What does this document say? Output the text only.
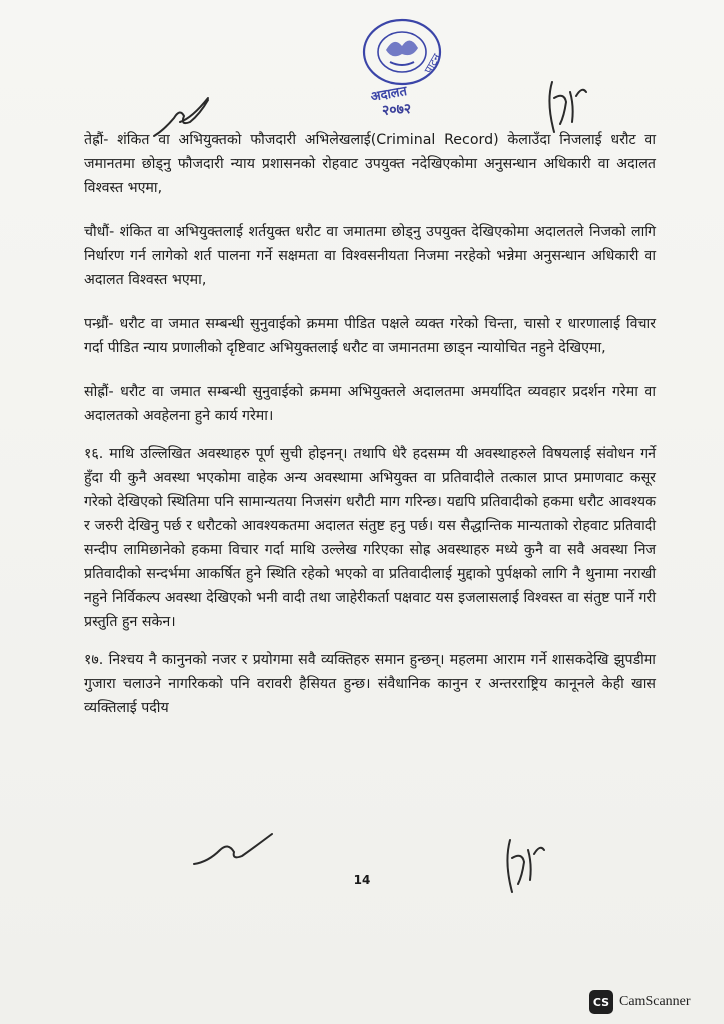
अदालत
पाटन
२०७२

तेह्रौं- शंकित वा अभियुक्तको फौजदारी अभिलेखलाई(Criminal Record) केलाउँदा निजलाई धरौट वा जमानतमा छोड्नु फौजदारी न्याय प्रशासनको रोहवाट उपयुक्त नदेखिएकोमा अनुसन्धान अधिकारी वा अदालत विश्वस्त भएमा,

चौधौं- शंकित वा अभियुक्तलाई शर्तयुक्त धरौट वा जमातमा छोड्नु उपयुक्त देखिएकोमा अदालतले निजको लागि निर्धारण गर्न लागेको शर्त पालना गर्ने सक्षमता वा विश्वसनीयता निजमा नरहेको भन्नेमा अनुसन्धान अधिकारी वा अदालत विश्वस्त भएमा,

पन्ध्रौं- धरौट वा जमात सम्बन्धी सुनुवाईको क्रममा पीडित पक्षले व्यक्त गरेको चिन्ता, चासो र धारणालाई विचार गर्दा पीडित न्याय प्रणालीको दृष्टिवाट अभियुक्तलाई धरौट वा जमानतमा छाड्न न्यायोचित नहुने देखिएमा,

सोह्रौं- धरौट वा जमात सम्बन्धी सुनुवाईको क्रममा अभियुक्तले अदालतमा अमर्यादित व्यवहार प्रदर्शन गरेमा वा अदालतको अवहेलना हुने कार्य गरेमा।

१६. माथि उल्लिखित अवस्थाहरु पूर्ण सुची होइनन्। तथापि धेरै हदसम्म यी अवस्थाहरुले विषयलाई संवोधन गर्ने हुँदा यी कुनै अवस्था भएकोमा वाहेक अन्य अवस्थामा अभियुक्त वा प्रतिवादीले तत्काल प्राप्त प्रमाणवाट कसूर गरेको देखिएको स्थितिमा पनि सामान्यतया निजसंग धरौटी माग गरिन्छ। यद्यपि प्रतिवादीको हकमा धरौट आवश्यक र जरुरी देखिनु पर्छ र धरौटको आवश्यकतमा अदालत संतुष्ट हनु पर्छ। यस सैद्धान्तिक मान्यताको रोहवाट प्रतिवादी सन्दीप लामिछानेको हकमा विचार गर्दा माथि उल्लेख गरिएका सोह्र अवस्थाहरु मध्ये कुनै वा सवै अवस्था निज प्रतिवादीको सन्दर्भमा आकर्षित हुने स्थिति रहेको भएको वा प्रतिवादीलाई मुद्दाको पुर्पक्षको लागि नै थुनामा नराखी नहुने निर्विकल्प अवस्था देखिएको भनी वादी तथा जाहेरीकर्ता पक्षवाट यस इजलासलाई विश्वस्त वा संतुष्ट पार्ने गरी प्रस्तुति हुन सकेन।

१७. निश्चय नै कानुनको नजर र प्रयोगमा सवै व्यक्तिहरु समान हुन्छन्। महलमा आराम गर्ने शासकदेखि झुपडीमा गुजारा चलाउने नागरिकको पनि वरावरी हैसियत हुन्छ। संवैधानिक कानुन र अन्तरराष्ट्रिय कानूनले केही खास व्यक्तिलाई पदीय

14
CS CamScanner
